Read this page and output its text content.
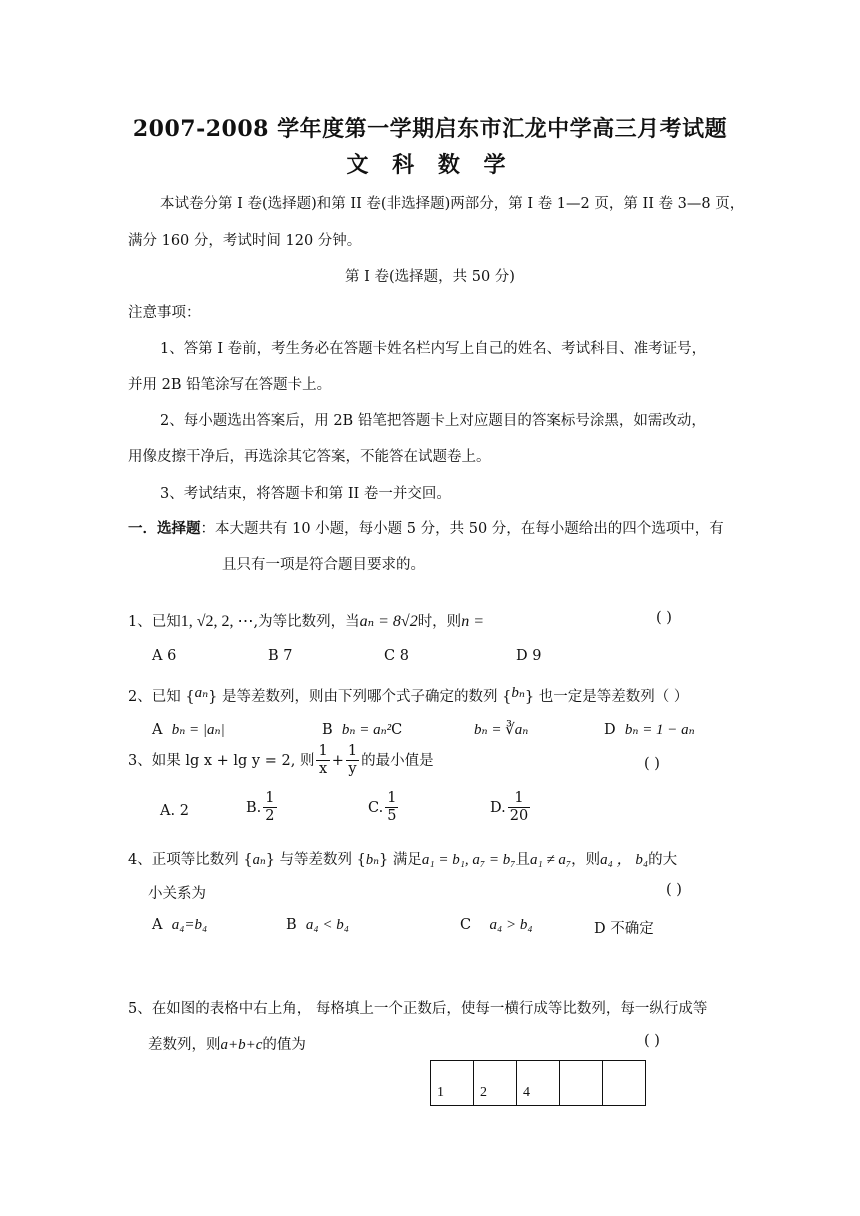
2007-2008 学年度第一学期启东市汇龙中学高三月考试题
文 科 数 学
本试卷分第 I 卷(选择题)和第 II 卷(非选择题)两部分，第 I 卷 1—2 页，第 II 卷 3—8 页，
满分 160 分，考试时间 120 分钟。
第 I 卷(选择题，共 50 分)
注意事项：
1、答第 I 卷前，考生务必在答题卡姓名栏内写上自己的姓名、考试科目、准考证号，
并用 2B 铅笔涂写在答题卡上。
2、每小题选出答案后，用 2B 铅笔把答题卡上对应题目的答案标号涂黑，如需改动，
用像皮擦干净后，再选涂其它答案，不能答在试题卷上。
3、考试结束，将答题卡和第 II 卷一并交回。
一．选择题：本大题共有 10 小题，每小题 5 分，共 50 分，在每小题给出的四个选项中，有
且只有一项是符合题目要求的。
1、已知1, √2, 2, ⋯,为等比数列，当aₙ = 8√2时，则n =	( )
A 6	B 7	C 8	D 9
2、已知 {aₙ} 是等差数列，则由下列哪个式子确定的数列 {bₙ} 也一定是等差数列（ ）
A bₙ = |aₙ|	B bₙ = aₙ²C	bₙ = ∛aₙ	D bₙ = 1 − aₙ
3、如果 lg x + lg y = 2, 则 $\frac{1}{x} + \frac{1}{y}$ 的最小值是	( )
A. 2	B. $\frac{1}{2}$	C. $\frac{1}{5}$	D. $\frac{1}{20}$
4、正项等比数列 {aₙ} 与等差数列 {bₙ} 满足a₁ = b₁, a₇ = b₇且a₁ ≠ a₇，则a₄ ， b₄的大
小关系为	( )
A a₄=b₄	B a₄ < b₄	C a₄ > b₄	D 不确定
5、在如图的表格中右上角， 每格填上一个正数后，使每一横行成等比数列，每一纵行成等
差数列，则a+b+c的值为	( )
1	2	4		
